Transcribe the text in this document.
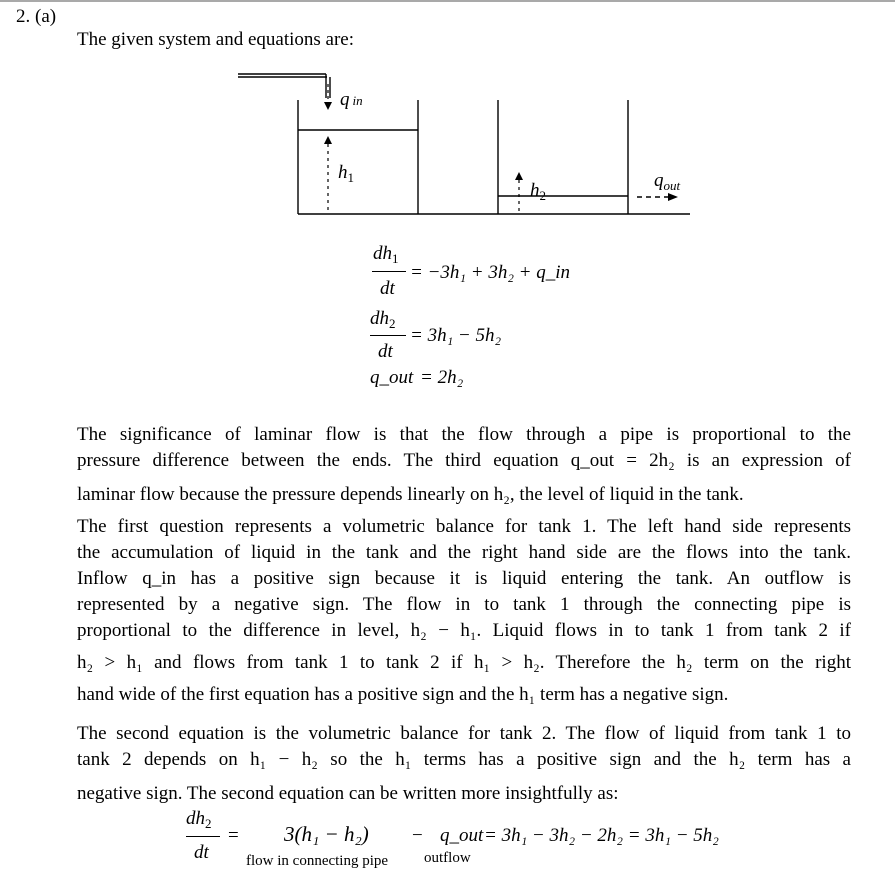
2. (a)
The given system and equations are:
q in
$h_1$
$h_2$
$q_{out}$
$dh_1$
dt
= −3h₁ + 3h₂ + q_in
$dh_2$
dt
= 3h₁ − 5h₂
q_out = 2h₂
The significance of laminar flow is that the flow through a pipe is proportional to the
pressure difference between the ends. The third equation q_out = 2h₂ is an expression of
laminar flow because the pressure depends linearly on h₂, the level of liquid in the tank.
The first question represents a volumetric balance for tank 1. The left hand side represents
the accumulation of liquid in the tank and the right hand side are the flows into the tank.
Inflow q_in has a positive sign because it is liquid entering the tank. An outflow is
represented by a negative sign. The flow in to tank 1 through the connecting pipe is
proportional to the difference in level, h₂ − h₁. Liquid flows in to tank 1 from tank 2 if
h₂ > h₁ and flows from tank 1 to tank 2 if h₁ > h₂. Therefore the h₂ term on the right
hand wide of the first equation has a positive sign and the h₁ term has a negative sign.
The second equation is the volumetric balance for tank 2. The flow of liquid from tank 1 to
tank 2 depends on h₁ − h₂ so the h₁ terms has a positive sign and the h₂ term has a
negative sign. The second equation can be written more insightfully as:
$dh_2$
dt
= 3(h₁ − h₂) − q_out = 3h₁ − 3h₂ − 2h₂ = 3h₁ − 5h₂
flow in connecting pipe outflow
